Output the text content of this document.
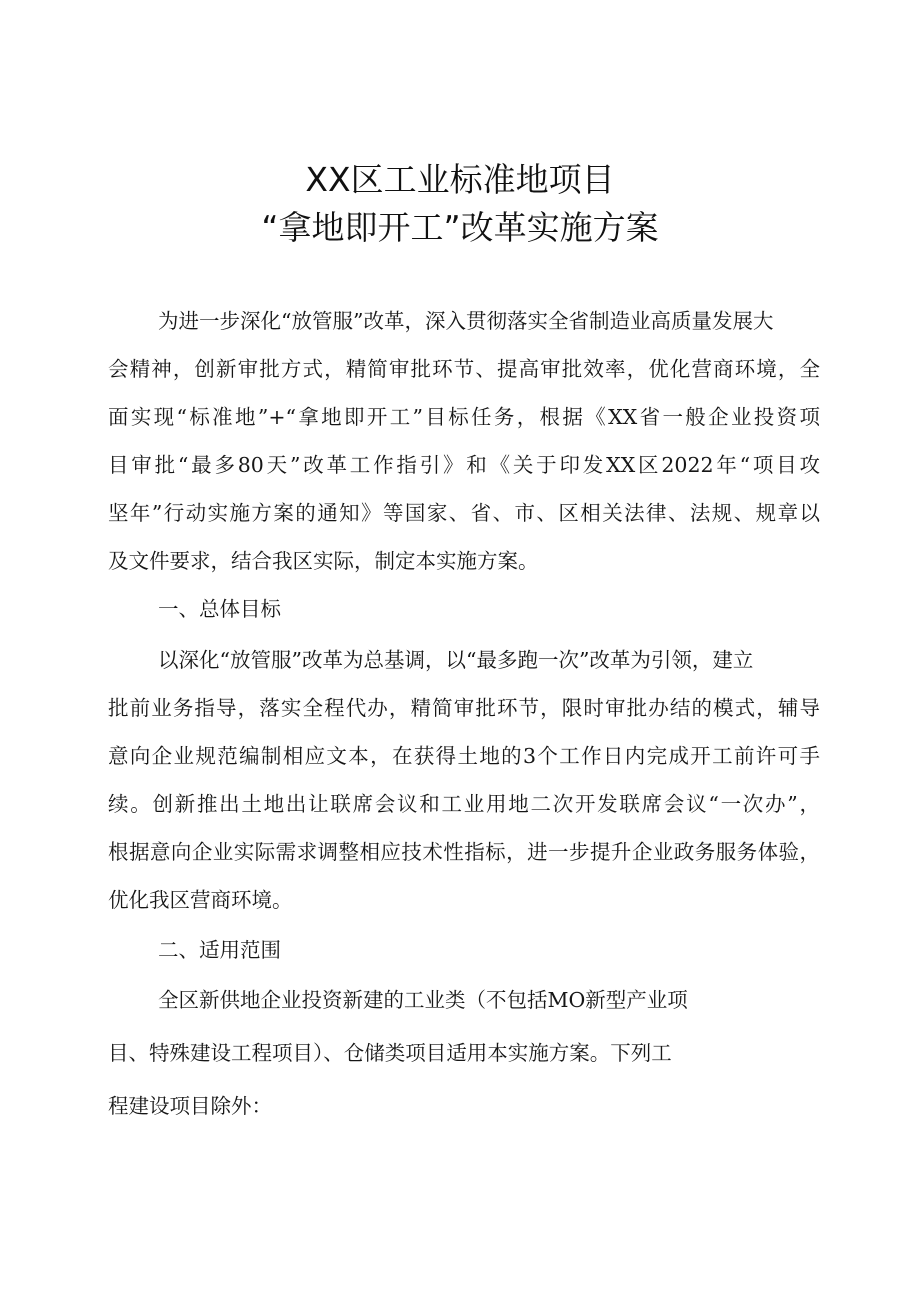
XX区工业标准地项目
“拿地即开工”改革实施方案
为进一步深化“放管服”改革，深入贯彻落实全省制造业高质量发展大
会精神，创新审批方式，精简审批环节、提高审批效率，优化营商环境，全
面实现“标准地”+“拿地即开工”目标任务，根据《XX省一般企业投资项
目审批“最多80天”改革工作指引》和《关于印发XX区2022年“项目攻
坚年”行动实施方案的通知》等国家、省、市、区相关法律、法规、规章以
及文件要求，结合我区实际，制定本实施方案。
一、总体目标
以深化“放管服”改革为总基调，以“最多跑一次”改革为引领，建立
批前业务指导，落实全程代办，精简审批环节，限时审批办结的模式，辅导
意向企业规范编制相应文本，在获得土地的3个工作日内完成开工前许可手
续。创新推出土地出让联席会议和工业用地二次开发联席会议“一次办”，
根据意向企业实际需求调整相应技术性指标，进一步提升企业政务服务体验，
优化我区营商环境。
二、适用范围
全区新供地企业投资新建的工业类（不包括MO新型产业项
目、特殊建设工程项目）、仓储类项目适用本实施方案。下列工
程建设项目除外：
